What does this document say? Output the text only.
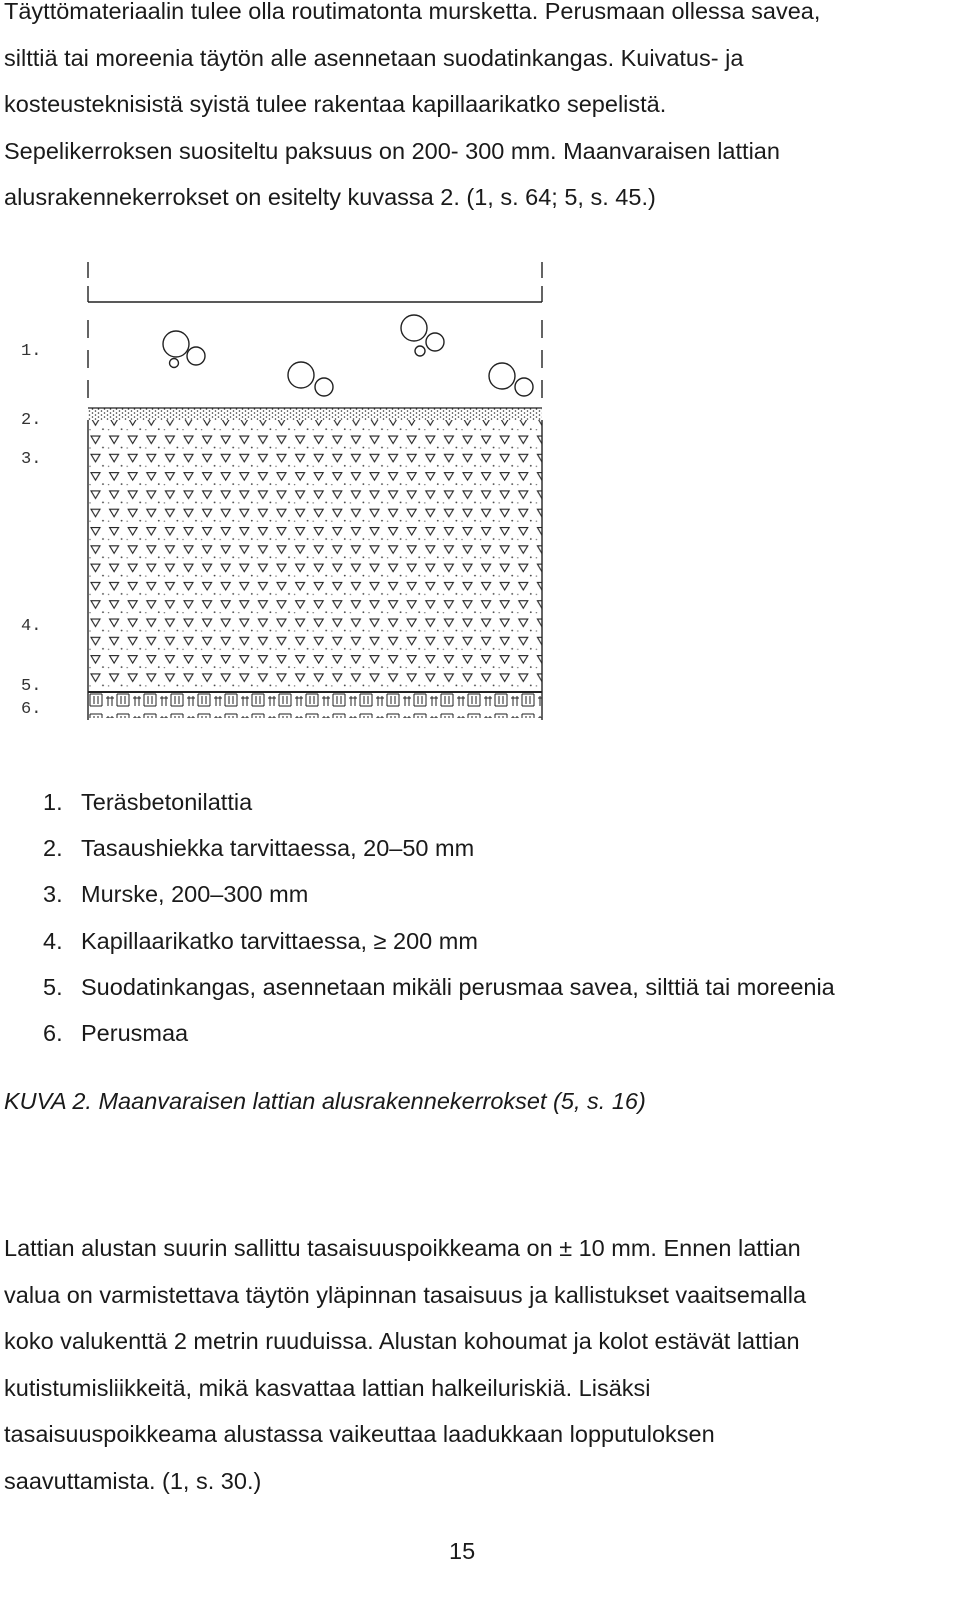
Täyttömateriaalin tulee olla routimatonta mursketta. Perusmaan ollessa savea,
silttiä tai moreenia täytön alle asennetaan suodatinkangas. Kuivatus- ja
kosteusteknisistä syistä tulee rakentaa kapillaarikatko sepelistä.
Sepelikerroksen suositeltu paksuus on 200- 300 mm. Maanvaraisen lattian
alusrakennekerrokset on esitelty kuvassa 2. (1, s. 64; 5, s. 45.)
1.
2.
3.
4.
5.
6.
1. Teräsbetonilattia
2. Tasaushiekka tarvittaessa, 20–50 mm
3. Murske, 200–300 mm
4. Kapillaarikatko tarvittaessa, ≥ 200 mm
5. Suodatinkangas, asennetaan mikäli perusmaa savea, silttiä tai moreenia
6. Perusmaa
KUVA 2. Maanvaraisen lattian alusrakennekerrokset (5, s. 16)
Lattian alustan suurin sallittu tasaisuuspoikkeama on ± 10 mm. Ennen lattian
valua on varmistettava täytön yläpinnan tasaisuus ja kallistukset vaaitsemalla
koko valukenttä 2 metrin ruuduissa. Alustan kohoumat ja kolot estävät lattian
kutistumisliikkeitä, mikä kasvattaa lattian halkeiluriskiä. Lisäksi
tasaisuuspoikkeama alustassa vaikeuttaa laadukkaan lopputuloksen
saavuttamista. (1, s. 30.)
15
